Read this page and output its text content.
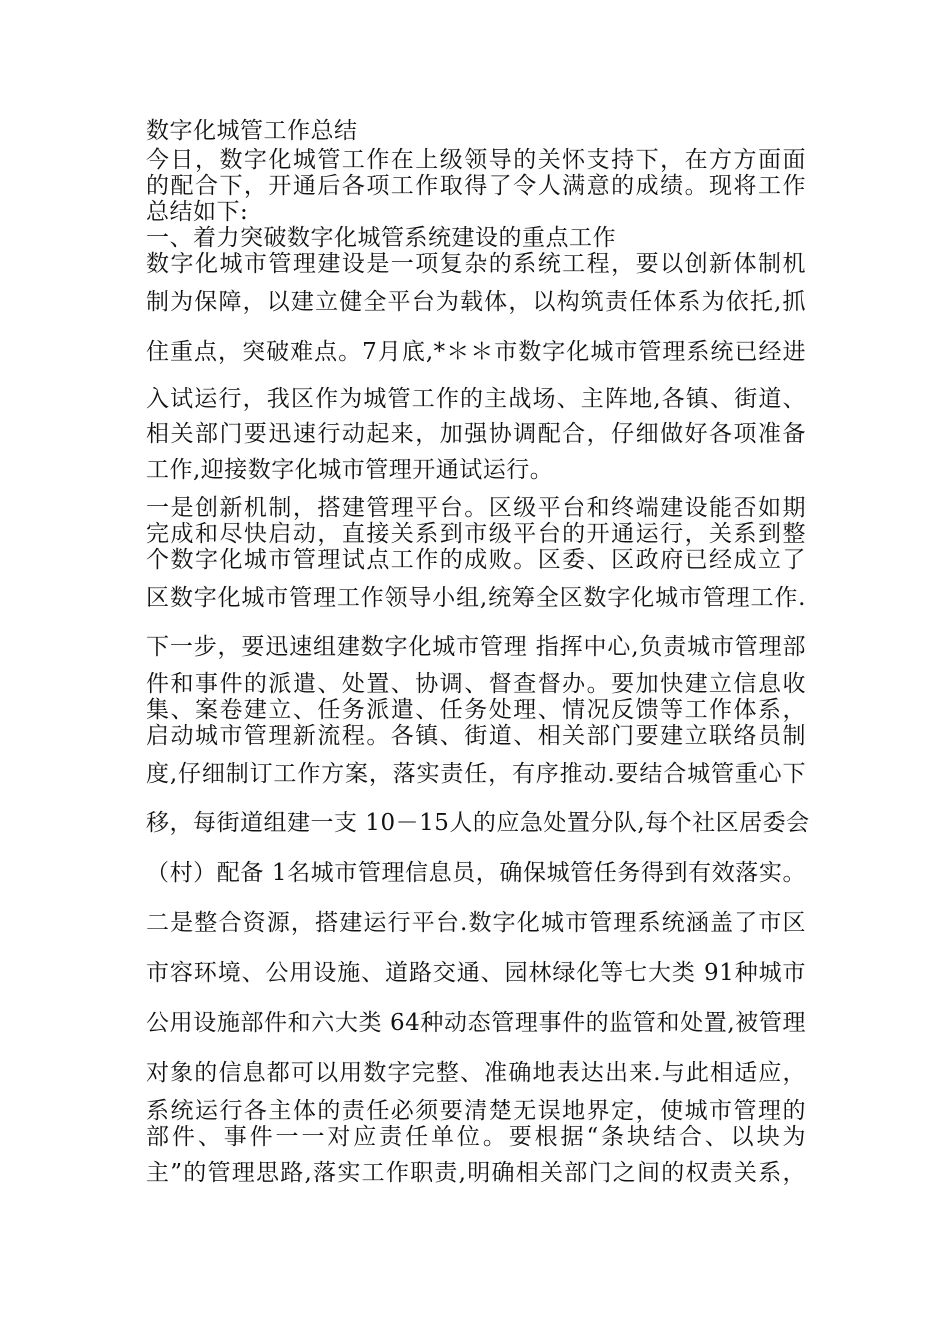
数字化城管工作总结
今日，数字化城管工作在上级领导的关怀支持下，在方方面面
的配合下，开通后各项工作取得了令人满意的成绩。现将工作
总结如下:
一、着力突破数字化城管系统建设的重点工作
数字化城市管理建设是一项复杂的系统工程，要以创新体制机
制为保障，以建立健全平台为载体，以构筑责任体系为依托,抓
住重点，突破难点。7月底,*＊＊市数字化城市管理系统已经进
入试运行，我区作为城管工作的主战场、主阵地,各镇、街道、
相关部门要迅速行动起来，加强协调配合，仔细做好各项准备
工作,迎接数字化城市管理开通试运行。
一是创新机制，搭建管理平台。区级平台和终端建设能否如期
完成和尽快启动，直接关系到市级平台的开通运行，关系到整
个数字化城市管理试点工作的成败。区委、区政府已经成立了
区数字化城市管理工作领导小组,统筹全区数字化城市管理工作.
下一步，要迅速组建数字化城市管理 指挥中心,负责城市管理部
件和事件的派遣、处置、协调、督查督办。要加快建立信息收
集、案卷建立、任务派遣、任务处理、情况反馈等工作体系，
启动城市管理新流程。各镇、街道、相关部门要建立联络员制
度,仔细制订工作方案，落实责任，有序推动.要结合城管重心下
移，每街道组建一支 10－15人的应急处置分队,每个社区居委会
（村）配备 1名城市管理信息员，确保城管任务得到有效落实。
二是整合资源，搭建运行平台.数字化城市管理系统涵盖了市区
市容环境、公用设施、道路交通、园林绿化等七大类 91种城市
公用设施部件和六大类 64种动态管理事件的监管和处置,被管理
对象的信息都可以用数字完整、准确地表达出来.与此相适应，
系统运行各主体的责任必须要清楚无误地界定，使城市管理的
部件、事件一一对应责任单位。要根据“条块结合、以块为
主”的管理思路,落实工作职责,明确相关部门之间的权责关系，
